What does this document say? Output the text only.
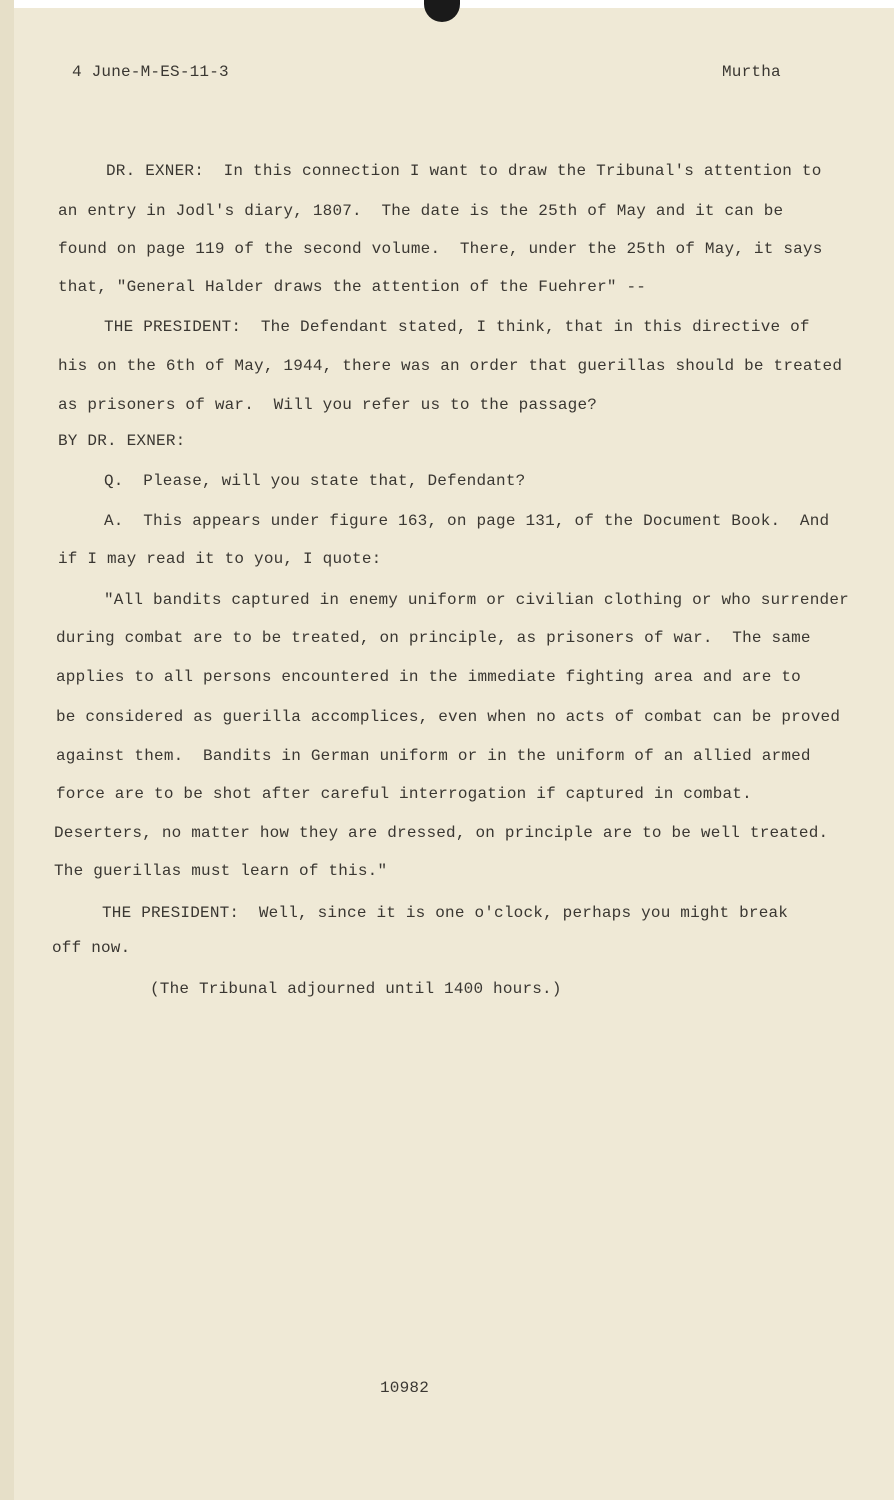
4 June-M-ES-11-3	Murtha
DR. EXNER:  In this connection I want to draw the Tribunal's attention to
an entry in Jodl's diary, 1807.  The date is the 25th of May and it can be
found on page 119 of the second volume.  There, under the 25th of May, it says
that, "General Halder draws the attention of the Fuehrer" --
THE PRESIDENT:  The Defendant stated, I think, that in this directive of
his on the 6th of May, 1944, there was an order that guerillas should be treated
as prisoners of war.  Will you refer us to the passage?
BY DR. EXNER:
Q.  Please, will you state that, Defendant?
A.  This appears under figure 163, on page 131, of the Document Book.  And
if I may read it to you, I quote:
"All bandits captured in enemy uniform or civilian clothing or who surrender
during combat are to be treated, on principle, as prisoners of war.  The same
applies to all persons encountered in the immediate fighting area and are to
be considered as guerilla accomplices, even when no acts of combat can be proved
against them.  Bandits in German uniform or in the uniform of an allied armed
force are to be shot after careful interrogation if captured in combat.
Deserters, no matter how they are dressed, on principle are to be well treated.
The guerillas must learn of this."
THE PRESIDENT:  Well, since it is one o'clock, perhaps you might break
off now.
(The Tribunal adjourned until 1400 hours.)
10982
